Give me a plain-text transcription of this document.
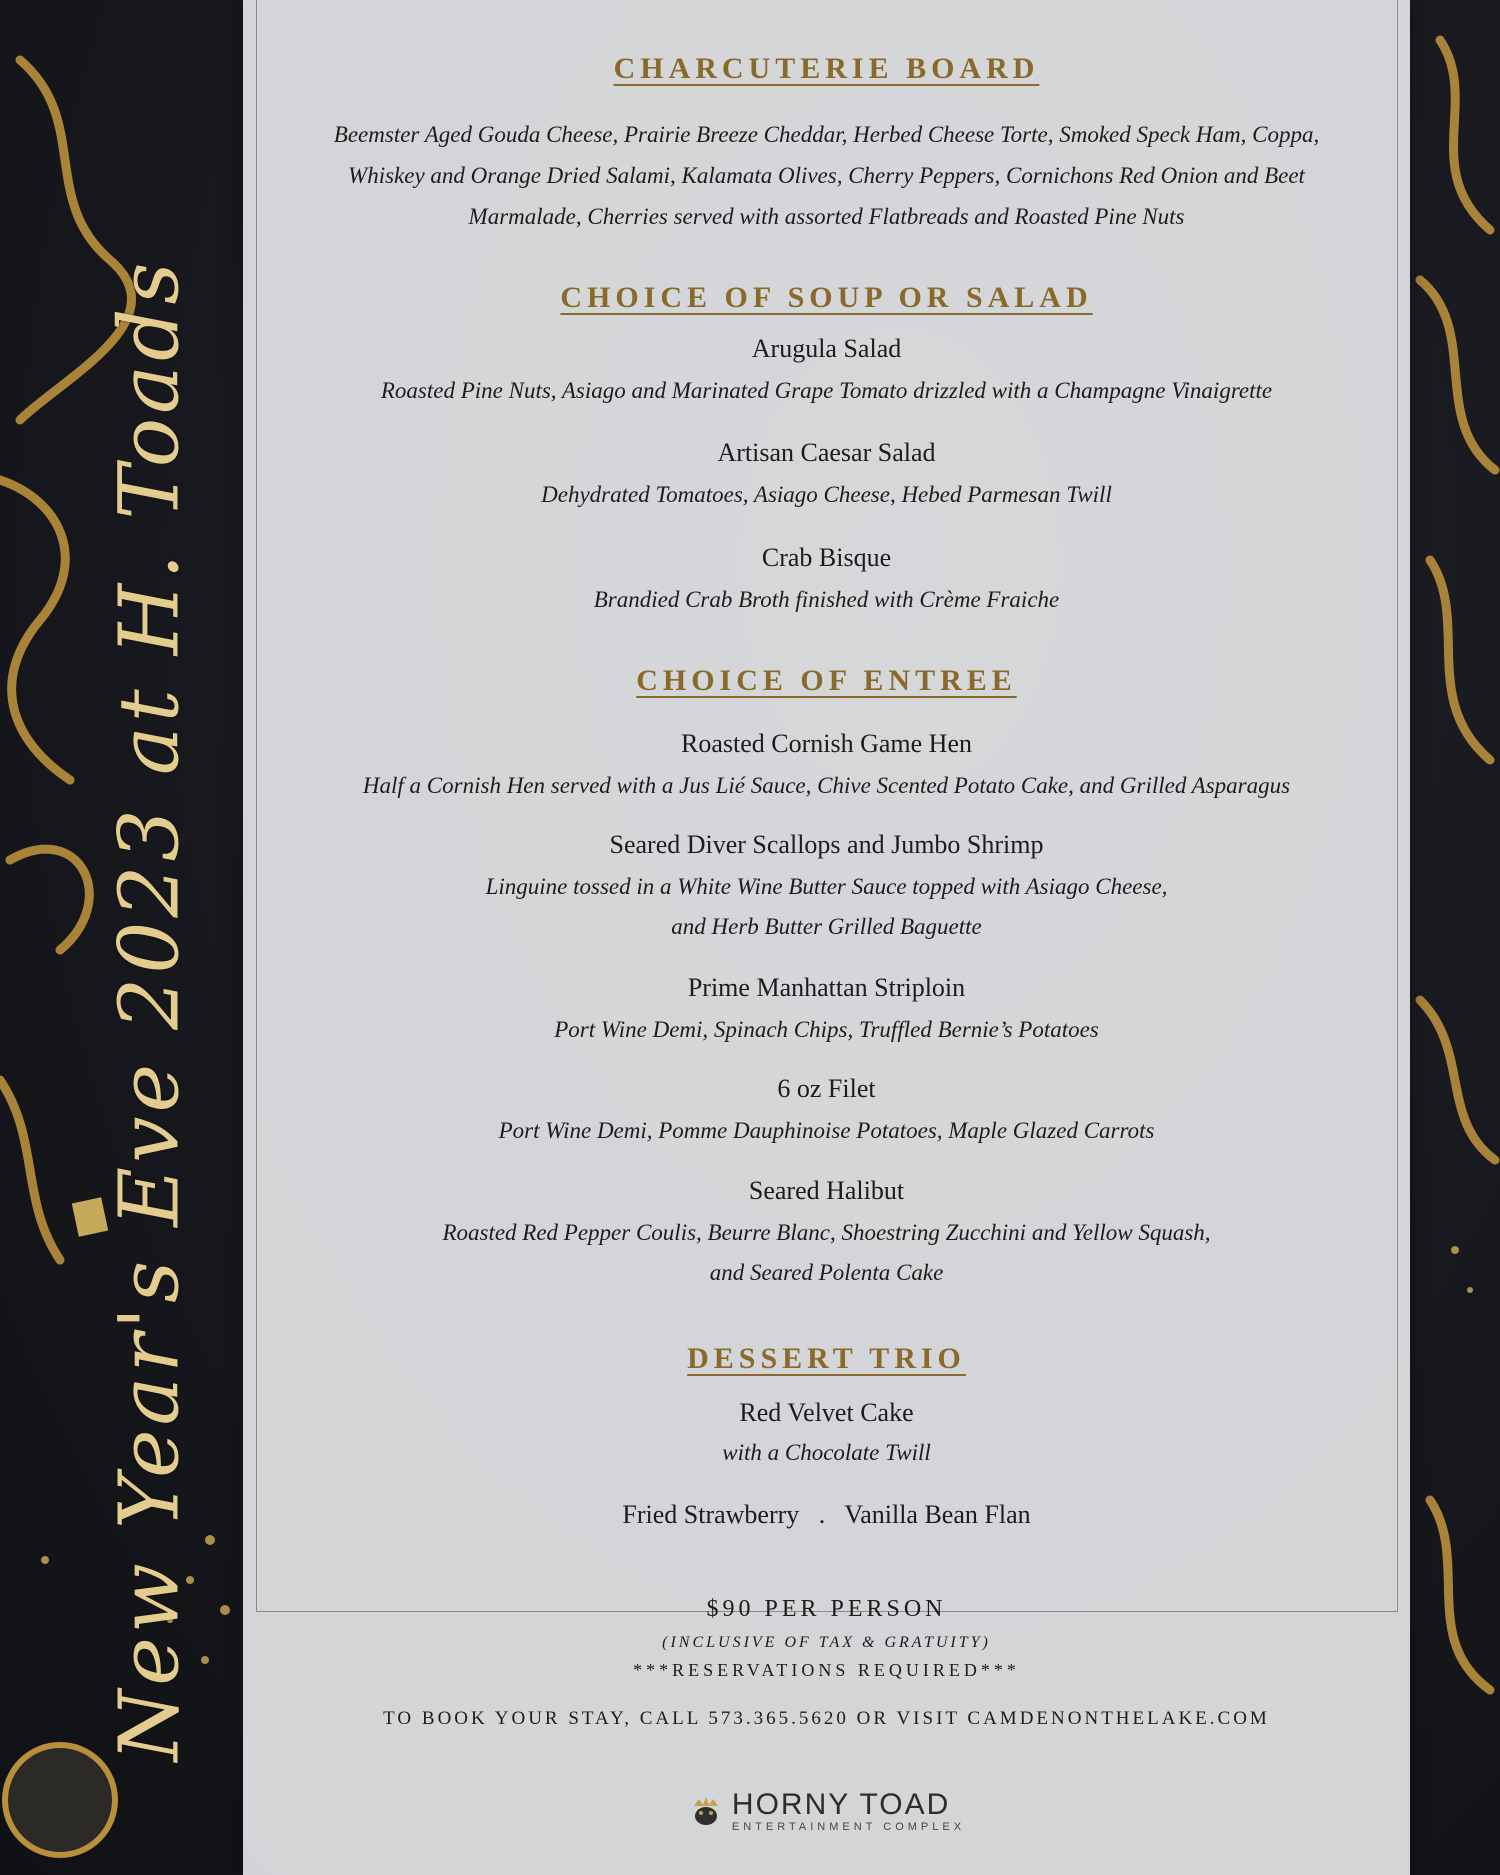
New Year's Eve 2023 at H. Toads
CHARCUTERIE BOARD
Beemster Aged Gouda Cheese, Prairie Breeze Cheddar, Herbed Cheese Torte, Smoked Speck Ham, Coppa,
Whiskey and Orange Dried Salami, Kalamata Olives, Cherry Peppers, Cornichons Red Onion and Beet
Marmalade, Cherries served with assorted Flatbreads and Roasted Pine Nuts
CHOICE OF SOUP OR SALAD
Arugula Salad
Roasted Pine Nuts, Asiago and Marinated Grape Tomato drizzled with a Champagne Vinaigrette
Artisan Caesar Salad
Dehydrated Tomatoes, Asiago Cheese, Hebed Parmesan Twill
Crab Bisque
Brandied Crab Broth finished with Crème Fraiche
CHOICE OF ENTREE
Roasted Cornish Game Hen
Half a Cornish Hen served with a Jus Lié Sauce, Chive Scented Potato Cake, and Grilled Asparagus
Seared Diver Scallops and Jumbo Shrimp
Linguine tossed in a White Wine Butter Sauce topped with Asiago Cheese,
and Herb Butter Grilled Baguette
Prime Manhattan Striploin
Port Wine Demi, Spinach Chips, Truffled Bernie’s Potatoes
6 oz Filet
Port Wine Demi, Pomme Dauphinoise Potatoes, Maple Glazed Carrots
Seared Halibut
Roasted Red Pepper Coulis, Beurre Blanc, Shoestring Zucchini and Yellow Squash,
and Seared Polenta Cake
DESSERT TRIO
Red Velvet Cake
with a Chocolate Twill
Fried Strawberry   .   Vanilla Bean Flan
$90 PER PERSON
(INCLUSIVE OF TAX & GRATUITY)
***RESERVATIONS REQUIRED***
TO BOOK YOUR STAY, CALL 573.365.5620 OR VISIT CAMDENONTHELAKE.COM
HORNY TOAD
ENTERTAINMENT COMPLEX
